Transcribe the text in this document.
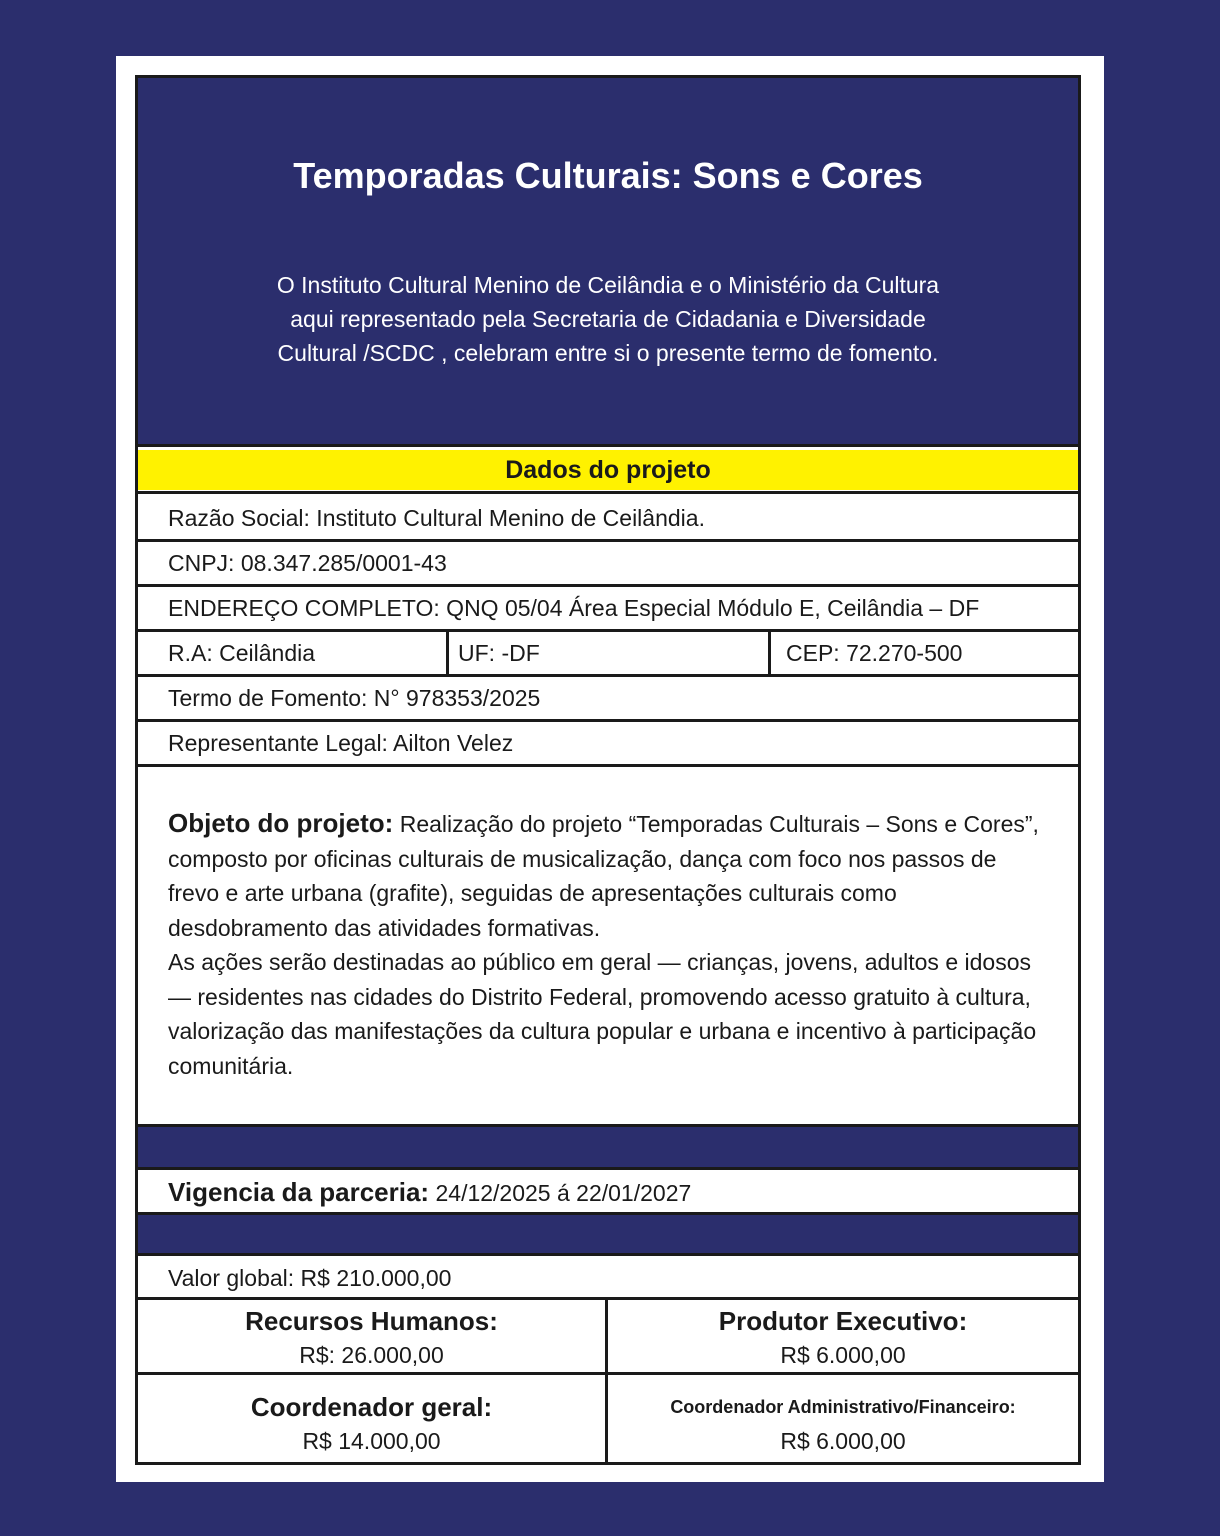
Temporadas Culturais: Sons e Cores
O Instituto Cultural Menino de Ceilândia e o Ministério da Cultura
aqui representado pela Secretaria de Cidadania e Diversidade
Cultural /SCDC , celebram entre si o presente termo de fomento.
Dados do projeto
Razão Social: Instituto Cultural Menino de Ceilândia.
CNPJ: 08.347.285/0001-43
ENDEREÇO COMPLETO: QNQ 05/04 Área Especial Módulo E, Ceilândia – DF
R.A: Ceilândia	UF: -DF	CEP: 72.270-500
Termo de Fomento: N° 978353/2025
Representante Legal: Ailton Velez
Objeto do projeto: Realização do projeto “Temporadas Culturais – Sons e Cores”, composto por oficinas culturais de musicalização, dança com foco nos passos de frevo e arte urbana (grafite), seguidas de apresentações culturais como desdobramento das atividades formativas.
As ações serão destinadas ao público em geral — crianças, jovens, adultos e idosos — residentes nas cidades do Distrito Federal, promovendo acesso gratuito à cultura, valorização das manifestações da cultura popular e urbana e incentivo à participação comunitária.
Vigencia da parceria: 24/12/2025 á 22/01/2027
Valor global: R$ 210.000,00
Recursos Humanos:
R$: 26.000,00
Produtor Executivo:
R$ 6.000,00
Coordenador geral:
R$ 14.000,00
Coordenador Administrativo/Financeiro:
R$ 6.000,00
